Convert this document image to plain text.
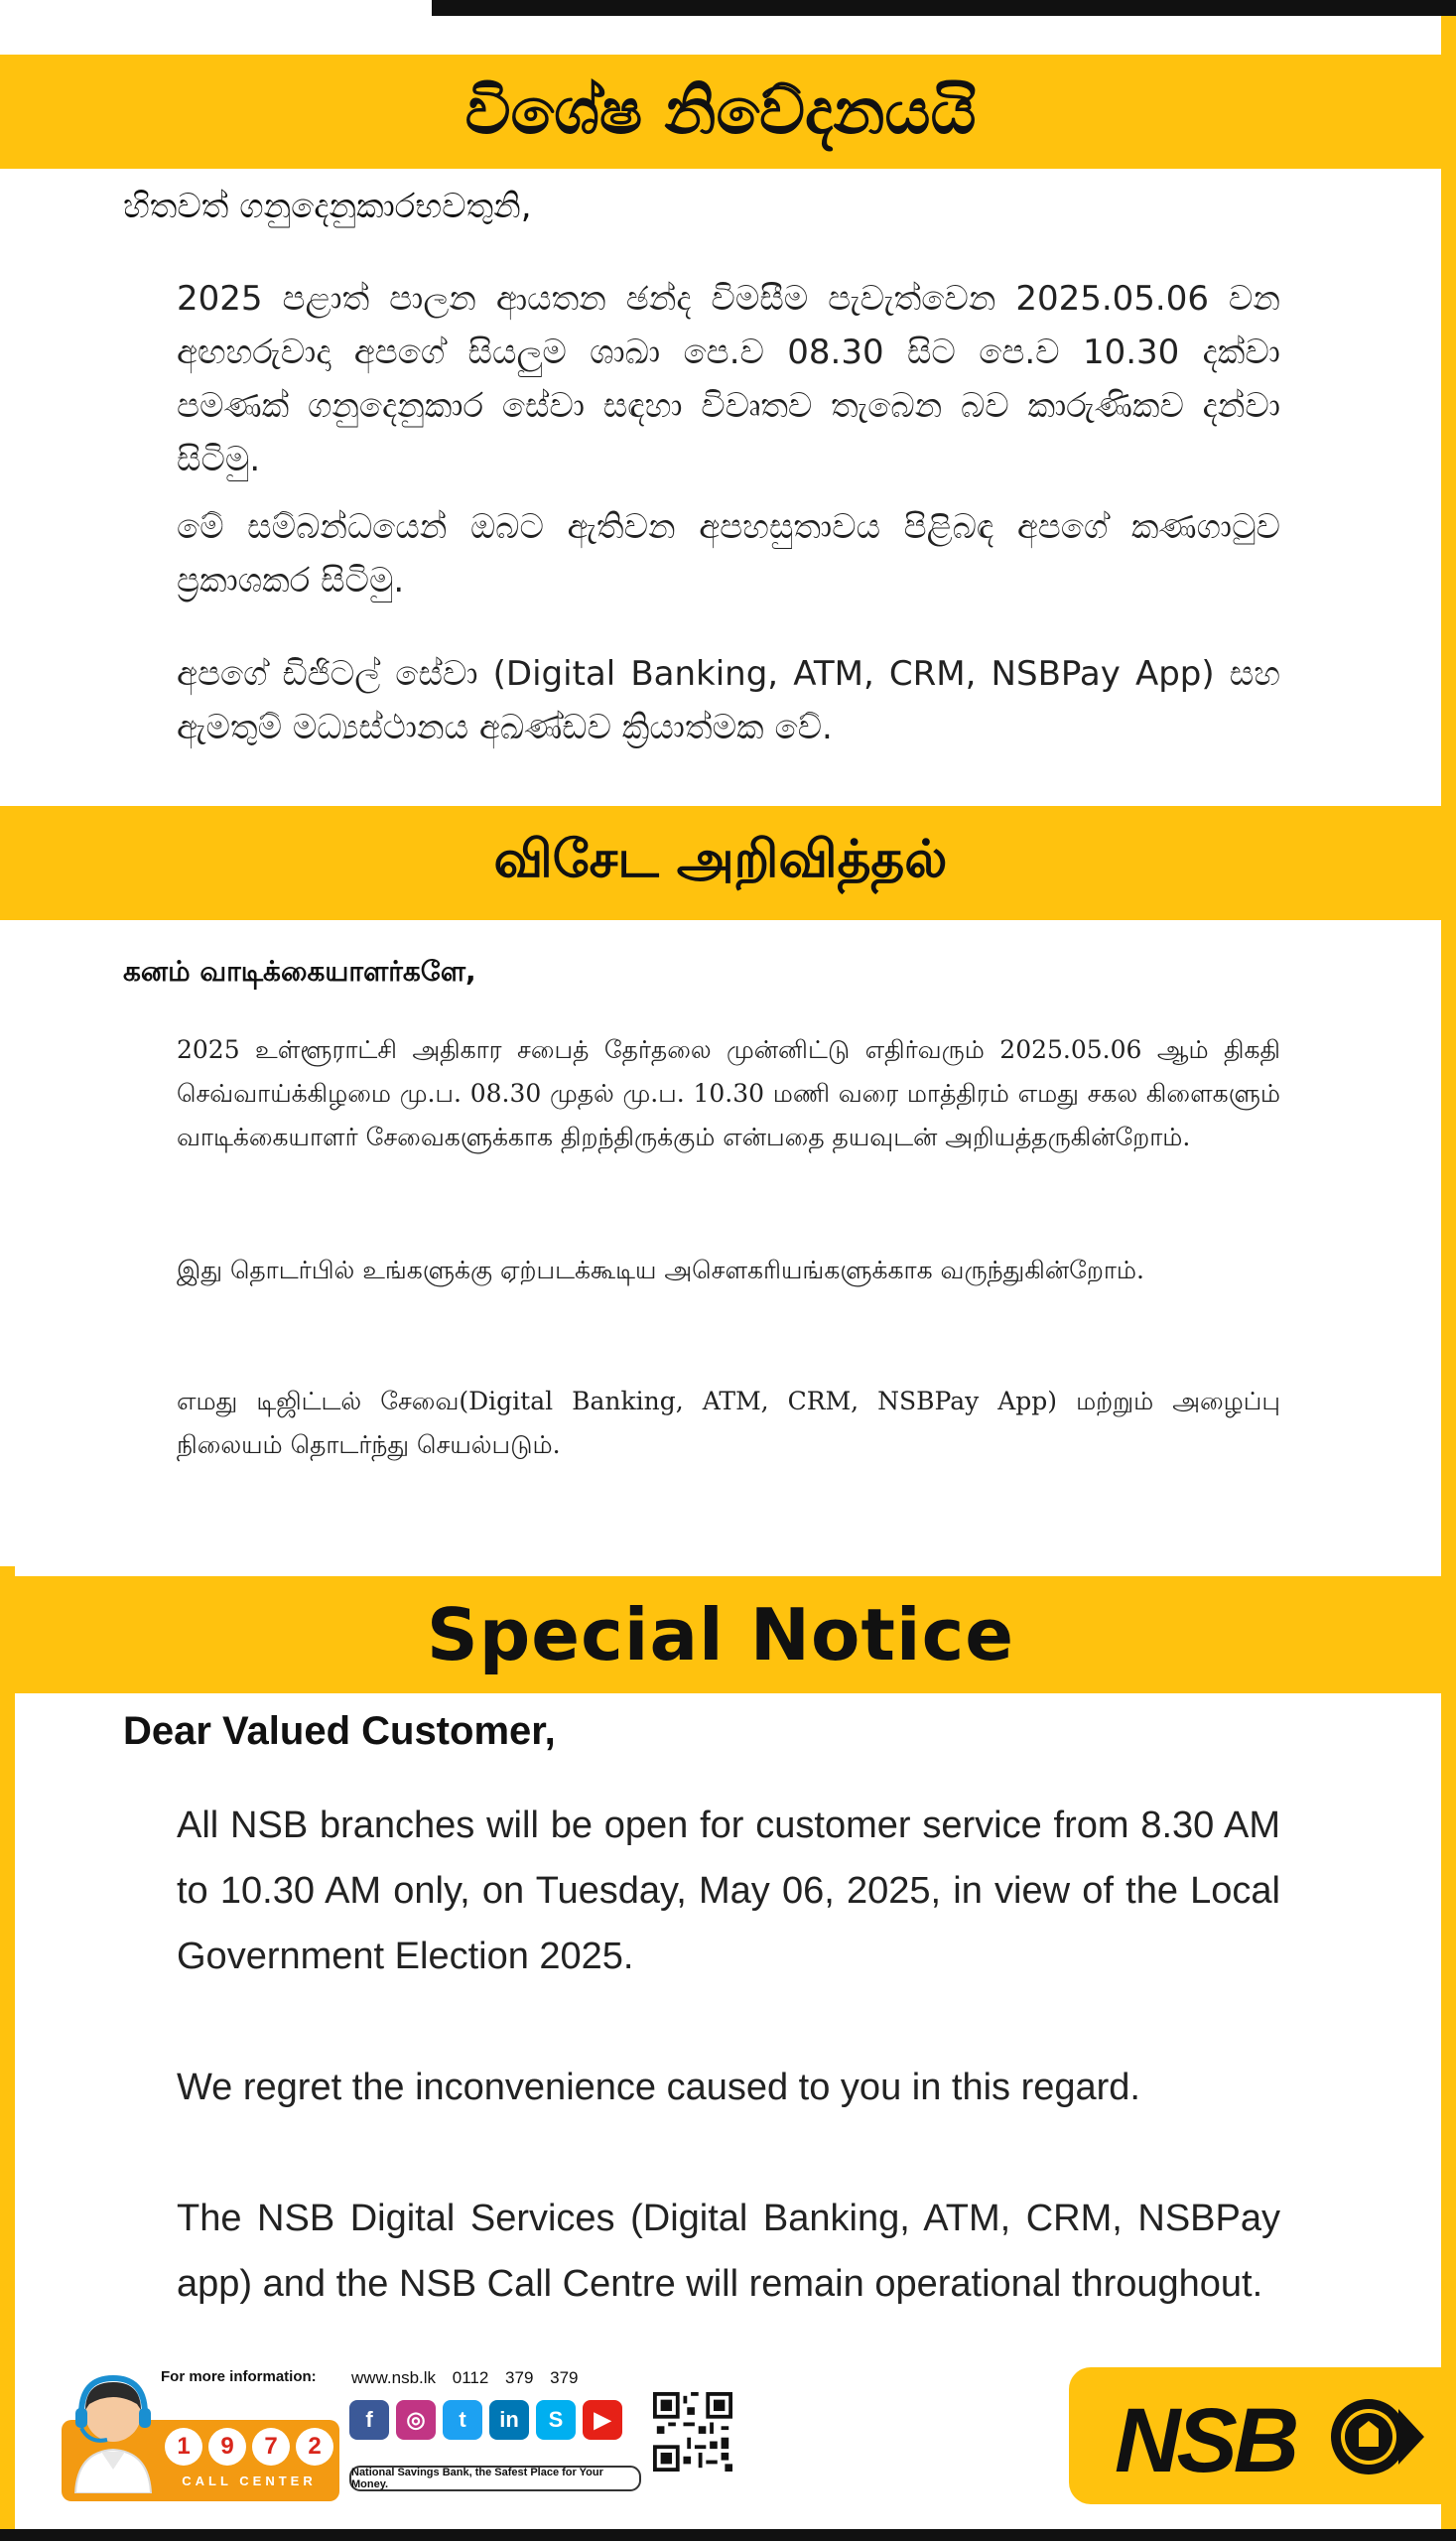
විශේෂ නිවේදනයයි

හිතවත් ගනුදෙනුකාරභවතුනි,

2025 පළාත් පාලන ආයතන ඡන්ද විමසීම පැවැත්වෙන 2025.05.06 වන අඟහරුවාදා අපගේ සියලුම ශාඛා පෙ.ව 08.30 සිට පෙ.ව 10.30 දක්වා පමණක් ගනුදෙනුකාර සේවා සඳහා විවෘතව තැබෙන බව කාරුණිකව දන්වා සිටිමු.

මේ සම්බන්ධයෙන් ඔබට ඇතිවන අපහසුතාවය පිළිබඳ අපගේ කණගාටුව ප්‍රකාශකර සිටිමු.

අපගේ ඩිජිටල් සේවා (Digital Banking, ATM, CRM, NSBPay App) සහ ඇමතුම් මධ්‍යස්ථානය අඛණ්ඩව ක්‍රියාත්මක වේ.

விசேட அறிவித்தல்

கனம் வாடிக்கையாளர்களே,

2025 உள்ளூராட்சி அதிகார சபைத் தேர்தலை முன்னிட்டு எதிர்வரும் 2025.05.06 ஆம் திகதி செவ்வாய்க்கிழமை மு.ப. 08.30 முதல் மு.ப. 10.30 மணி வரை மாத்திரம் எமது சகல கிளைகளும் வாடிக்கையாளர் சேவைகளுக்காக திறந்திருக்கும் என்பதை தயவுடன் அறியத்தருகின்றோம்.

இது தொடர்பில் உங்களுக்கு ஏற்படக்கூடிய அசௌகரியங்களுக்காக வருந்துகின்றோம்.

எமது டிஜிட்டல் சேவை(Digital Banking, ATM, CRM, NSBPay App) மற்றும் அழைப்பு நிலையம் தொடர்ந்து செயல்படும்.

Special Notice

Dear Valued Customer,

All NSB branches will be open for customer service from 8.30 AM to 10.30 AM only, on Tuesday, May 06, 2025, in view of the Local Government Election 2025.

We regret the inconvenience caused to you in this regard.

The NSB Digital Services (Digital Banking, ATM, CRM, NSBPay app) and the NSB Call Centre will remain operational throughout.

For more information:
1	9	7	2
CALL CENTER
www.nsb.lk 0112 379 379
f	◎	t	in	S	▶
National Savings Bank, the Safest Place for Your Money.	NSB
